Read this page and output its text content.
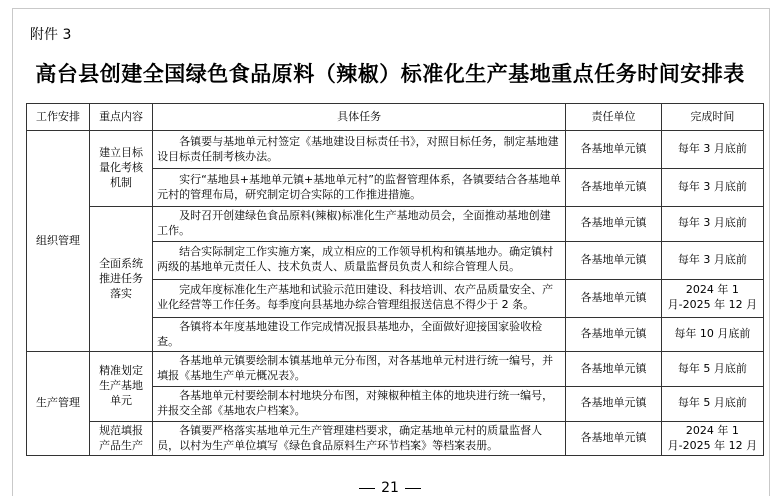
附件 3
高台县创建全国绿色食品原料（辣椒）标准化生产基地重点任务时间安排表
工作安排	重点内容	具体任务	责任单位	完成时间
组织管理	建立目标量化考核机制	各镇要与基地单元村签定《基地建设目标责任书》，对照目标任务，制定基地建设目标责任制考核办法。	各基地单元镇	每年 3 月底前

		实行“基地县+基地单元镇+基地单元村”的监督管理体系，各镇要结合各基地单元村的管理布局，研究制定切合实际的工作推进措施。	各基地单元镇	每年 3 月底前
	全面系统推进任务落实	及时召开创建绿色食品原料(辣椒)标准化生产基地动员会，全面推动基地创建工作。	各基地单元镇	每年 3 月底前

		结合实际制定工作实施方案，成立相应的工作领导机构和镇基地办。确定镇村两级的基地单元责任人、技术负责人、质量监督员负责人和综合管理人员。	各基地单元镇	每年 3 月底前

		完成年度标准化生产基地和试验示范田建设、科技培训、农产品质量安全、产业化经营等工作任务。每季度向县基地办综合管理组报送信息不得少于 2 条。	各基地单元镇	2024 年 1 月-2025 年 12 月

		各镇将本年度基地建设工作完成情况报县基地办，全面做好迎接国家验收检查。	各基地单元镇	每年 10 月底前
生产管理	精准划定生产基地单元	各基地单元镇要绘制本镇基地单元分布图，对各基地单元村进行统一编号，并填报《基地生产单元概况表》。	各基地单元镇	每年 5 月底前

		各基地单元村要绘制本村地块分布图，对辣椒种植主体的地块进行统一编号，并报交全部《基地农户档案》。	各基地单元镇	每年 5 月底前
	规范填报产品生产	各镇要严格落实基地单元生产管理建档要求，确定基地单元村的质量监督人员，以村为生产单位填写《绿色食品原料生产环节档案》等档案表册。	各基地单元镇	2024 年 1 月-2025 年 12 月
21
